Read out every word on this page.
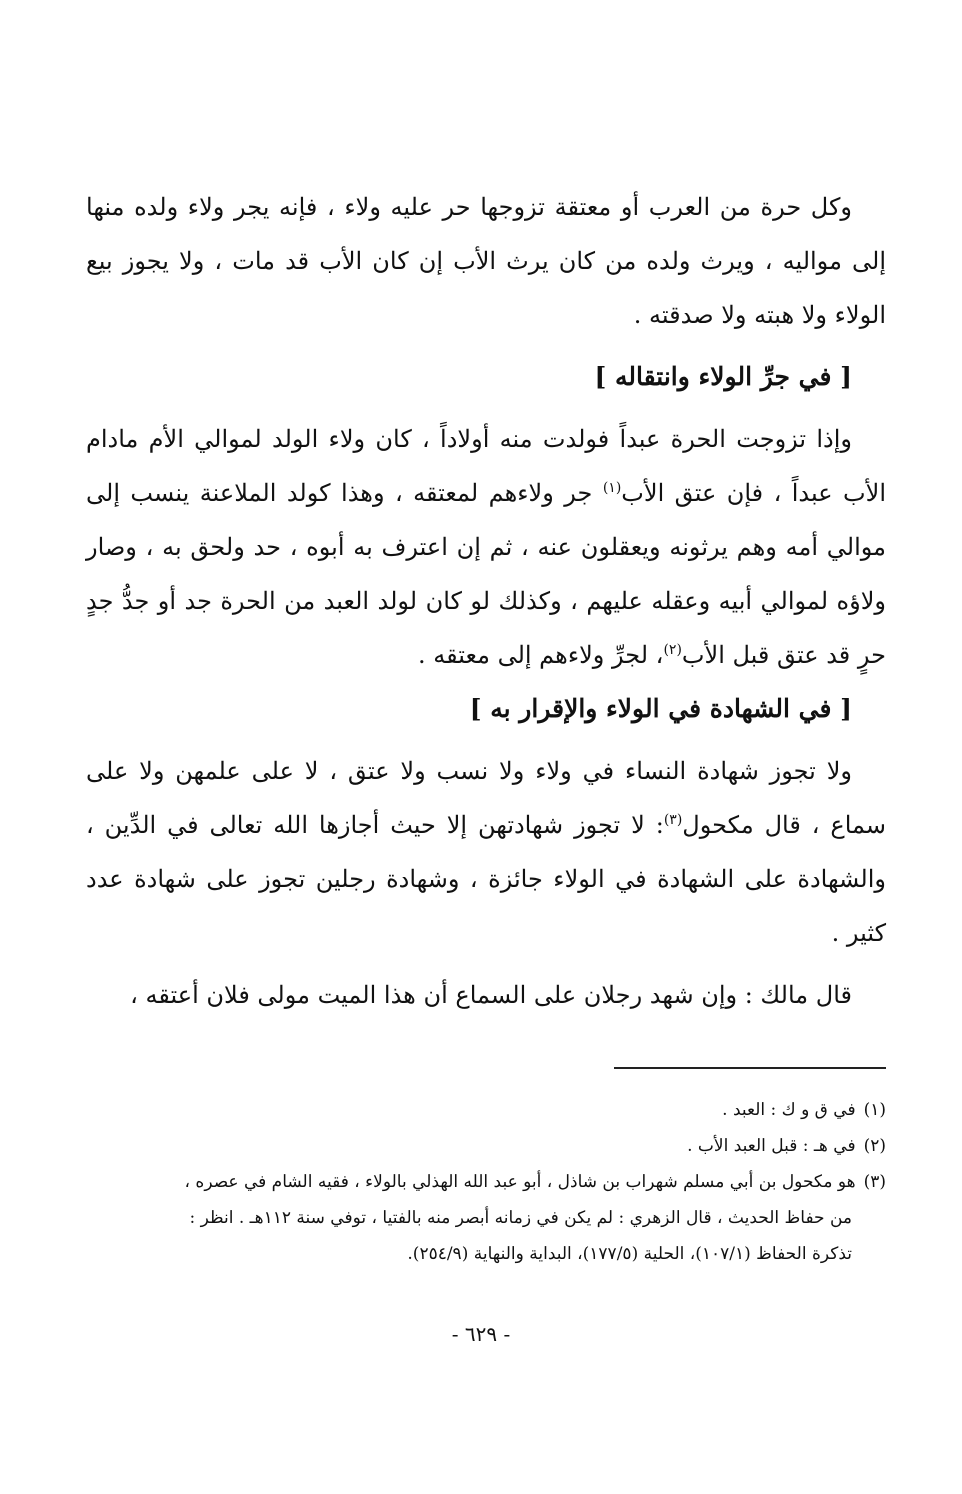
وكل حرة من العرب أو معتقة تزوجها حر عليه ولاء ، فإنه يجر ولاء ولده منها إلى مواليه ، ويرث ولده من كان يرث الأب إن كان الأب قد مات ، ولا يجوز بيع الولاء ولا هبته ولا صدقته .

[ في جرِّ الولاء وانتقاله ]

وإذا تزوجت الحرة عبداً فولدت منه أولاداً ، كان ولاء الولد لموالي الأم مادام الأب عبداً ، فإن عتق الأب$^{(١)}$ جر ولاءهم لمعتقه ، وهذا كولد الملاعنة ينسب إلى موالي أمه وهم يرثونه ويعقلون عنه ، ثم إن اعترف به أبوه ، حد ولحق به ، وصار ولاؤه لموالي أبيه وعقله عليهم ، وكذلك لو كان لولد العبد من الحرة جد أو جدُّ جدٍ حرٍ قد عتق قبل الأب$^{(٢)}$، لجرِّ ولاءهم إلى معتقه .

[ في الشهادة في الولاء والإقرار به ]

ولا تجوز شهادة النساء في ولاء ولا نسب ولا عتق ، لا على علمهن ولا على سماع ، قال مكحول$^{(٣)}$: لا تجوز شهادتهن إلا حيث أجازها الله تعالى في الدِّين ، والشهادة على الشهادة في الولاء جائزة ، وشهادة رجلين تجوز على شهادة عدد كثير .

قال مالك : وإن شهد رجلان على السماع أن هذا الميت مولى فلان أعتقه ،

(١)في ق و ك : العبد .

(٢)في هـ : قبل العبد الأب .

(٣)هو مكحول بن أبي مسلم شهراب بن شاذل ، أبو عبد الله الهذلي بالولاء ، فقيه الشام في عصره ،

من حفاظ الحديث ، قال الزهري : لم يكن في زمانه أبصر منه بالفتيا ، توفي سنة ١١٢هـ . انظر :

تذكرة الحفاظ (١٠٧/١)، الحلية (١٧٧/٥)، البداية والنهاية (٢٥٤/٩).

- ٦٢٩ -
